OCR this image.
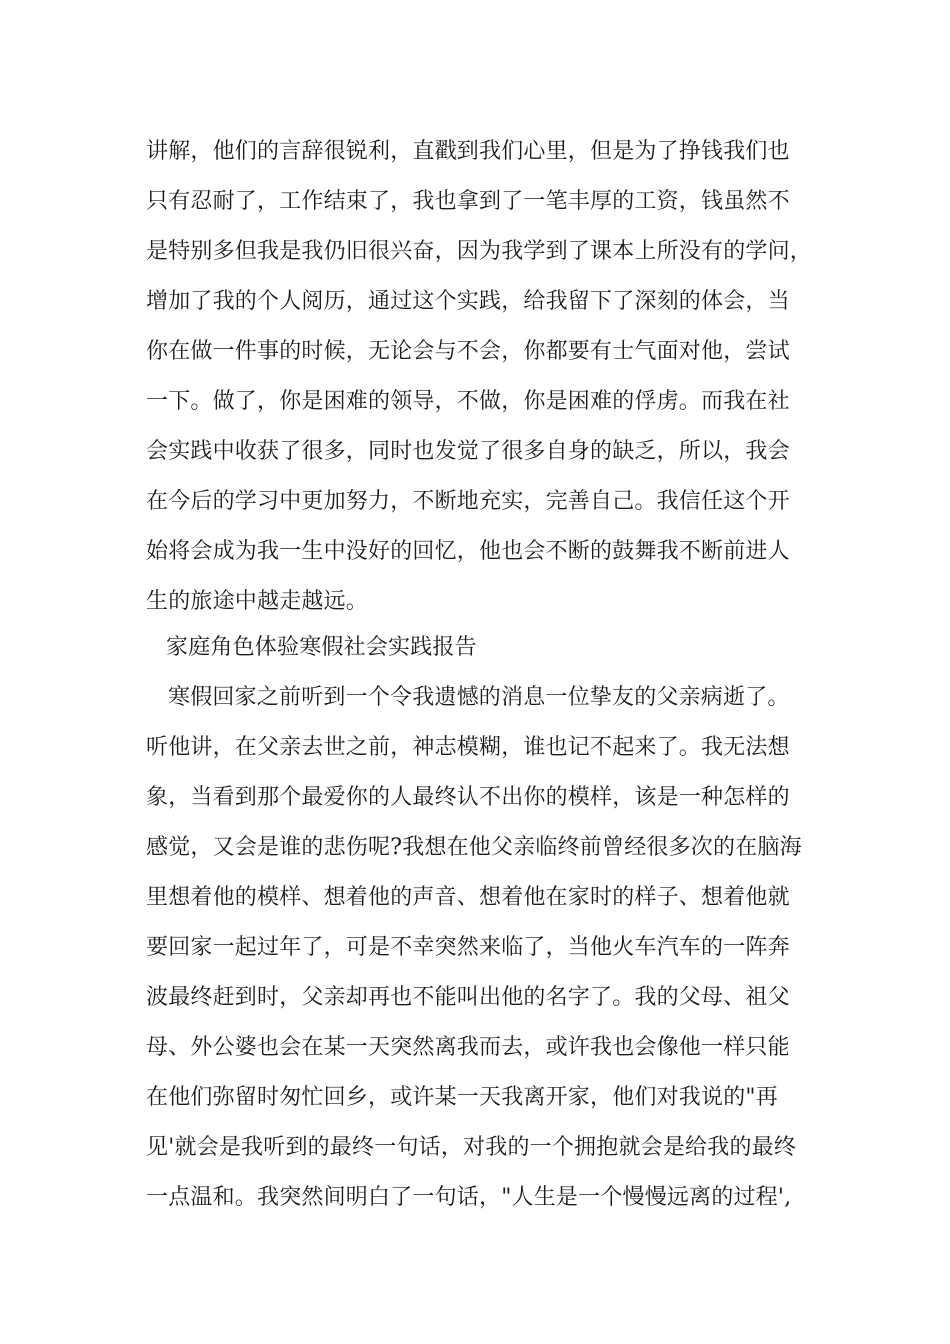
讲解，他们的言辞很锐利，直戳到我们心里，但是为了挣钱我们也
只有忍耐了，工作结束了，我也拿到了一笔丰厚的工资，钱虽然不
是特别多但我是我仍旧很兴奋，因为我学到了课本上所没有的学问，
增加了我的个人阅历，通过这个实践，给我留下了深刻的体会，当
你在做一件事的时候，无论会与不会，你都要有士气面对他，尝试
一下。做了，你是困难的领导，不做，你是困难的俘虏。而我在社
会实践中收获了很多，同时也发觉了很多自身的缺乏，所以，我会
在今后的学习中更加努力，不断地充实，完善自己。我信任这个开
始将会成为我一生中没好的回忆，他也会不断的鼓舞我不断前进人
生的旅途中越走越远。
家庭角色体验寒假社会实践报告
寒假回家之前听到一个令我遗憾的消息一位挚友的父亲病逝了。
听他讲，在父亲去世之前，神志模糊，谁也记不起来了。我无法想
象，当看到那个最爱你的人最终认不出你的模样，该是一种怎样的
感觉，又会是谁的悲伤呢?我想在他父亲临终前曾经很多次的在脑海
里想着他的模样、想着他的声音、想着他在家时的样子、想着他就
要回家一起过年了，可是不幸突然来临了，当他火车汽车的一阵奔
波最终赶到时，父亲却再也不能叫出他的名字了。我的父母、祖父
母、外公婆也会在某一天突然离我而去，或许我也会像他一样只能
在他们弥留时匆忙回乡，或许某一天我离开家，他们对我说的"再
见'就会是我听到的最终一句话，对我的一个拥抱就会是给我的最终
一点温和。我突然间明白了一句话，"人生是一个慢慢远离的过程',
